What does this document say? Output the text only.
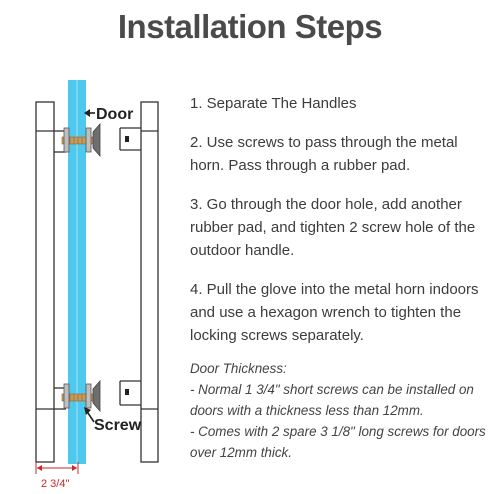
Installation Steps
Door
Screw
2 3/4"
1. Separate The Handles
2. Use screws to pass through the metal horn. Pass through a rubber pad.
3. Go through the door hole, add another rubber pad, and tighten 2 screw hole of the outdoor handle.
4. Pull the glove into the metal horn indoors and use a hexagon wrench to tighten the locking screws separately.
Door Thickness:
- Normal 1 3/4" short screws can be installed on doors with a thickness less than 12mm.
- Comes with 2 spare 3 1/8" long screws for doors over 12mm thick.
